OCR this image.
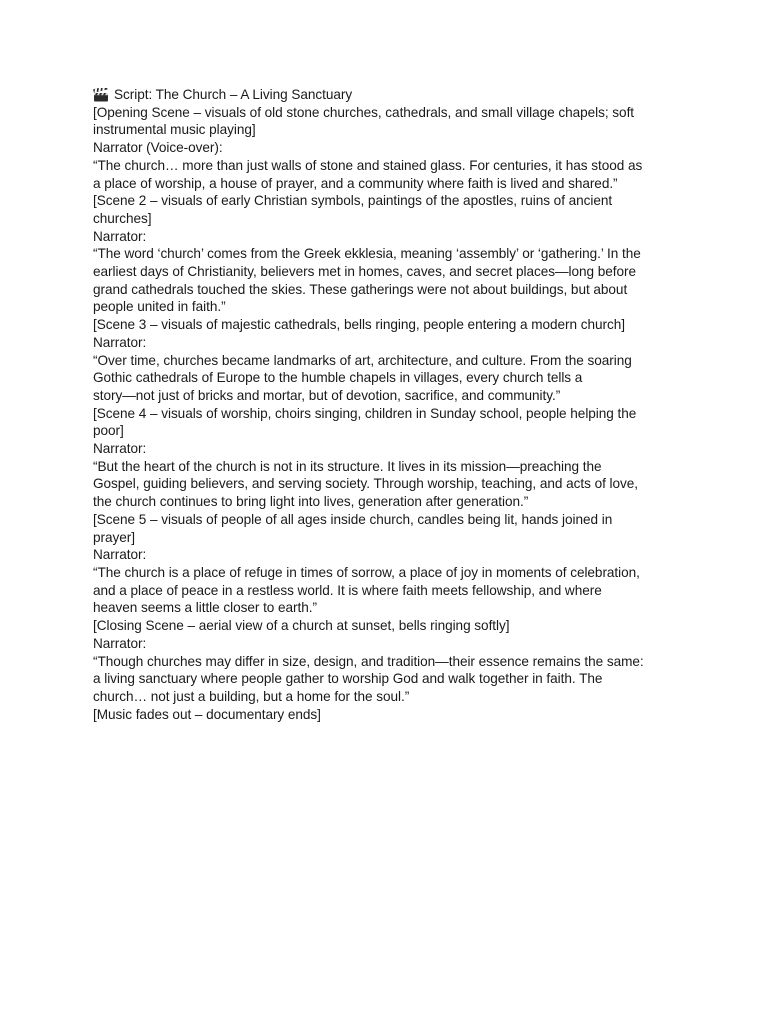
Script: The Church – A Living Sanctuary
[Opening Scene – visuals of old stone churches, cathedrals, and small village chapels; soft
instrumental music playing]
Narrator (Voice-over):
“The church… more than just walls of stone and stained glass. For centuries, it has stood as
a place of worship, a house of prayer, and a community where faith is lived and shared.”
[Scene 2 – visuals of early Christian symbols, paintings of the apostles, ruins of ancient
churches]
Narrator:
“The word ‘church’ comes from the Greek ekklesia, meaning ‘assembly’ or ‘gathering.’ In the
earliest days of Christianity, believers met in homes, caves, and secret places—long before
grand cathedrals touched the skies. These gatherings were not about buildings, but about
people united in faith.”
[Scene 3 – visuals of majestic cathedrals, bells ringing, people entering a modern church]
Narrator:
“Over time, churches became landmarks of art, architecture, and culture. From the soaring
Gothic cathedrals of Europe to the humble chapels in villages, every church tells a
story—not just of bricks and mortar, but of devotion, sacrifice, and community.”
[Scene 4 – visuals of worship, choirs singing, children in Sunday school, people helping the
poor]
Narrator:
“But the heart of the church is not in its structure. It lives in its mission—preaching the
Gospel, guiding believers, and serving society. Through worship, teaching, and acts of love,
the church continues to bring light into lives, generation after generation.”
[Scene 5 – visuals of people of all ages inside church, candles being lit, hands joined in
prayer]
Narrator:
“The church is a place of refuge in times of sorrow, a place of joy in moments of celebration,
and a place of peace in a restless world. It is where faith meets fellowship, and where
heaven seems a little closer to earth.”
[Closing Scene – aerial view of a church at sunset, bells ringing softly]
Narrator:
“Though churches may differ in size, design, and tradition—their essence remains the same:
a living sanctuary where people gather to worship God and walk together in faith. The
church… not just a building, but a home for the soul.”
[Music fades out – documentary ends]
